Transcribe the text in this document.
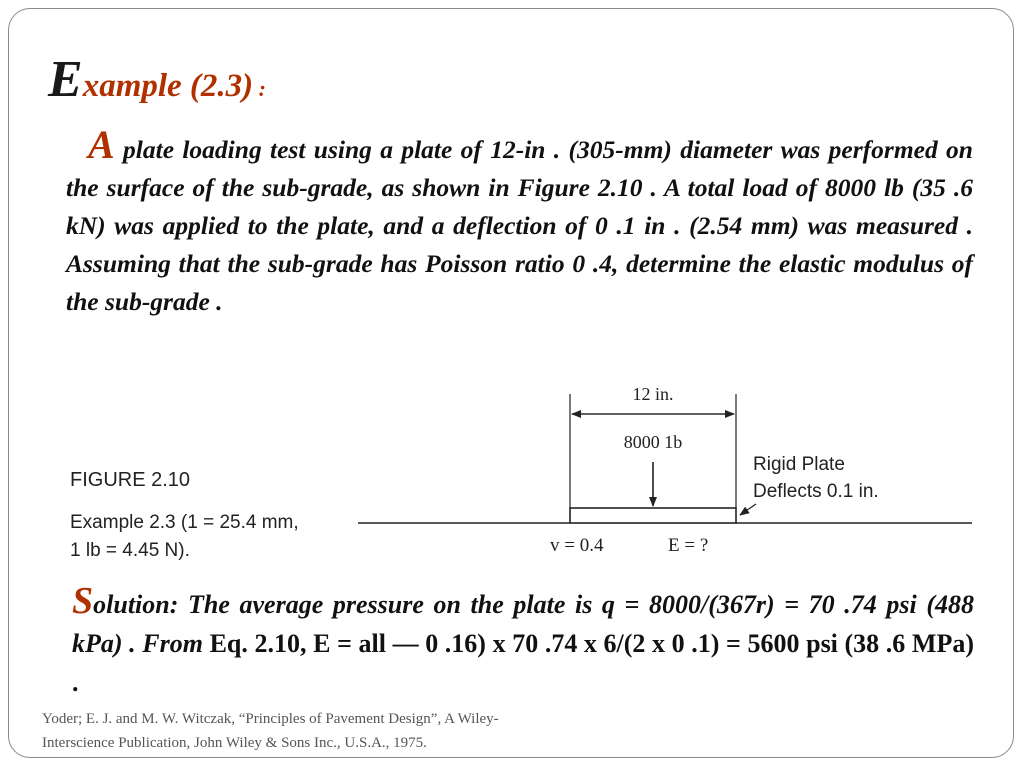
Example (2.3) :

A plate loading test using a plate of 12-in . (305-mm) diameter was performed on the surface of the sub-grade, as shown in Figure 2.10 . A total load of 8000 lb (35 .6 kN) was applied to the plate, and a deflection of 0 .1 in . (2.54 mm) was measured . Assuming that the sub-grade has Poisson ratio 0 .4, determine the elastic modulus of the sub-grade .

FIGURE 2.10
Example 2.3 (1 = 25.4 mm,
1 lb = 4.45 N).
12 in.
8000 1b
Rigid Plate
Deflects 0.1 in.
v = 0.4	E = ?

Solution: The average pressure on the plate is q = 8000/(367r) = 70 .74 psi (488 kPa) . From Eq. 2.10, E = all — 0 .16) x 70 .74 x 6/(2 x 0 .1) = 5600 psi (38 .6 MPa) .

Yoder; E. J. and M. W. Witczak, “Principles of Pavement Design”, A Wiley-
Interscience Publication, John Wiley & Sons Inc., U.S.A., 1975.
